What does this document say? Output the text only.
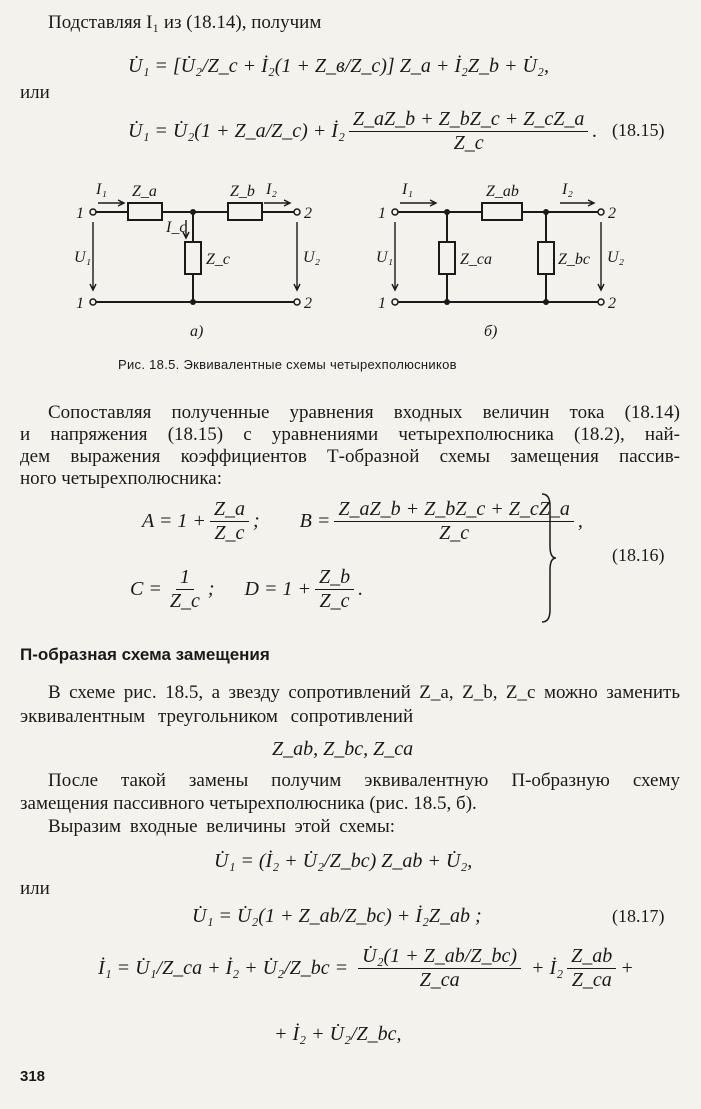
Подставляя I₁ из (18.14), получим
U̇₁ = [U̇₂/Z_c + İ₂(1 + Z_в/Z_c)] Z_a + İ₂Z_b + U̇₂,
или
U̇₁ = U̇₂(1 + Z_a/Z_c) + İ₂ $\frac{Z\_aZ\_b + Z\_bZ\_c + Z\_cZ\_a}{Z\_c}$ . (18.15)
I₁ Z_a	Z_b I₂
1	2
I_c
Z_c
U₁	U₂
1	2
а)
I₁	Z_ab	I₂
1	2
Z_ca	Z_bc
U₁	U₂
1	2
б)
Рис. 18.5. Эквивалентные схемы четырехполюсников
Сопоставляя полученные уравнения входных величин тока (18.14)
и напряжения (18.15) с уравнениями четырехполюсника (18.2), най-
дем выражения коэффициентов Т-образной схемы замещения пассив-
ного четырехполюсника:
$A = 1 + \frac{Z\_a}{Z\_c}$ ; $B = \frac{Z\_aZ\_b + Z\_bZ\_c + Z\_cZ\_a}{Z\_c}$ ,
$C = \frac{1}{Z\_c}$ ; $D = 1 + \frac{Z\_b}{Z\_c}$ .
(18.16)
П-образная схема замещения
В схеме рис. 18.5, а звезду сопротивлений Z_a, Z_b, Z_c можно заменить
эквивалентным треугольником сопротивлений
Z_ab, Z_bc, Z_ca
После такой замены получим эквивалентную П-образную схему
замещения пассивного четырехполюсника (рис. 18.5, б).
Выразим входные величины этой схемы:
U̇₁ = (İ₂ + U̇₂/Z_bc) Z_ab + U̇₂,
или
U̇₁ = U̇₂(1 + Z_ab/Z_bc) + İ₂Z_ab ;	(18.17)
İ₁ = U̇₁/Z_ca + İ₂ + U̇₂/Z_bc = $\frac{\text{U̇₂(1 + Z\_ab/Z\_bc)}}{Z\_ca}$ + İ₂ $\frac{Z\_ab}{Z\_ca}$ +
+ İ₂ + U̇₂/Z_bc,
318
